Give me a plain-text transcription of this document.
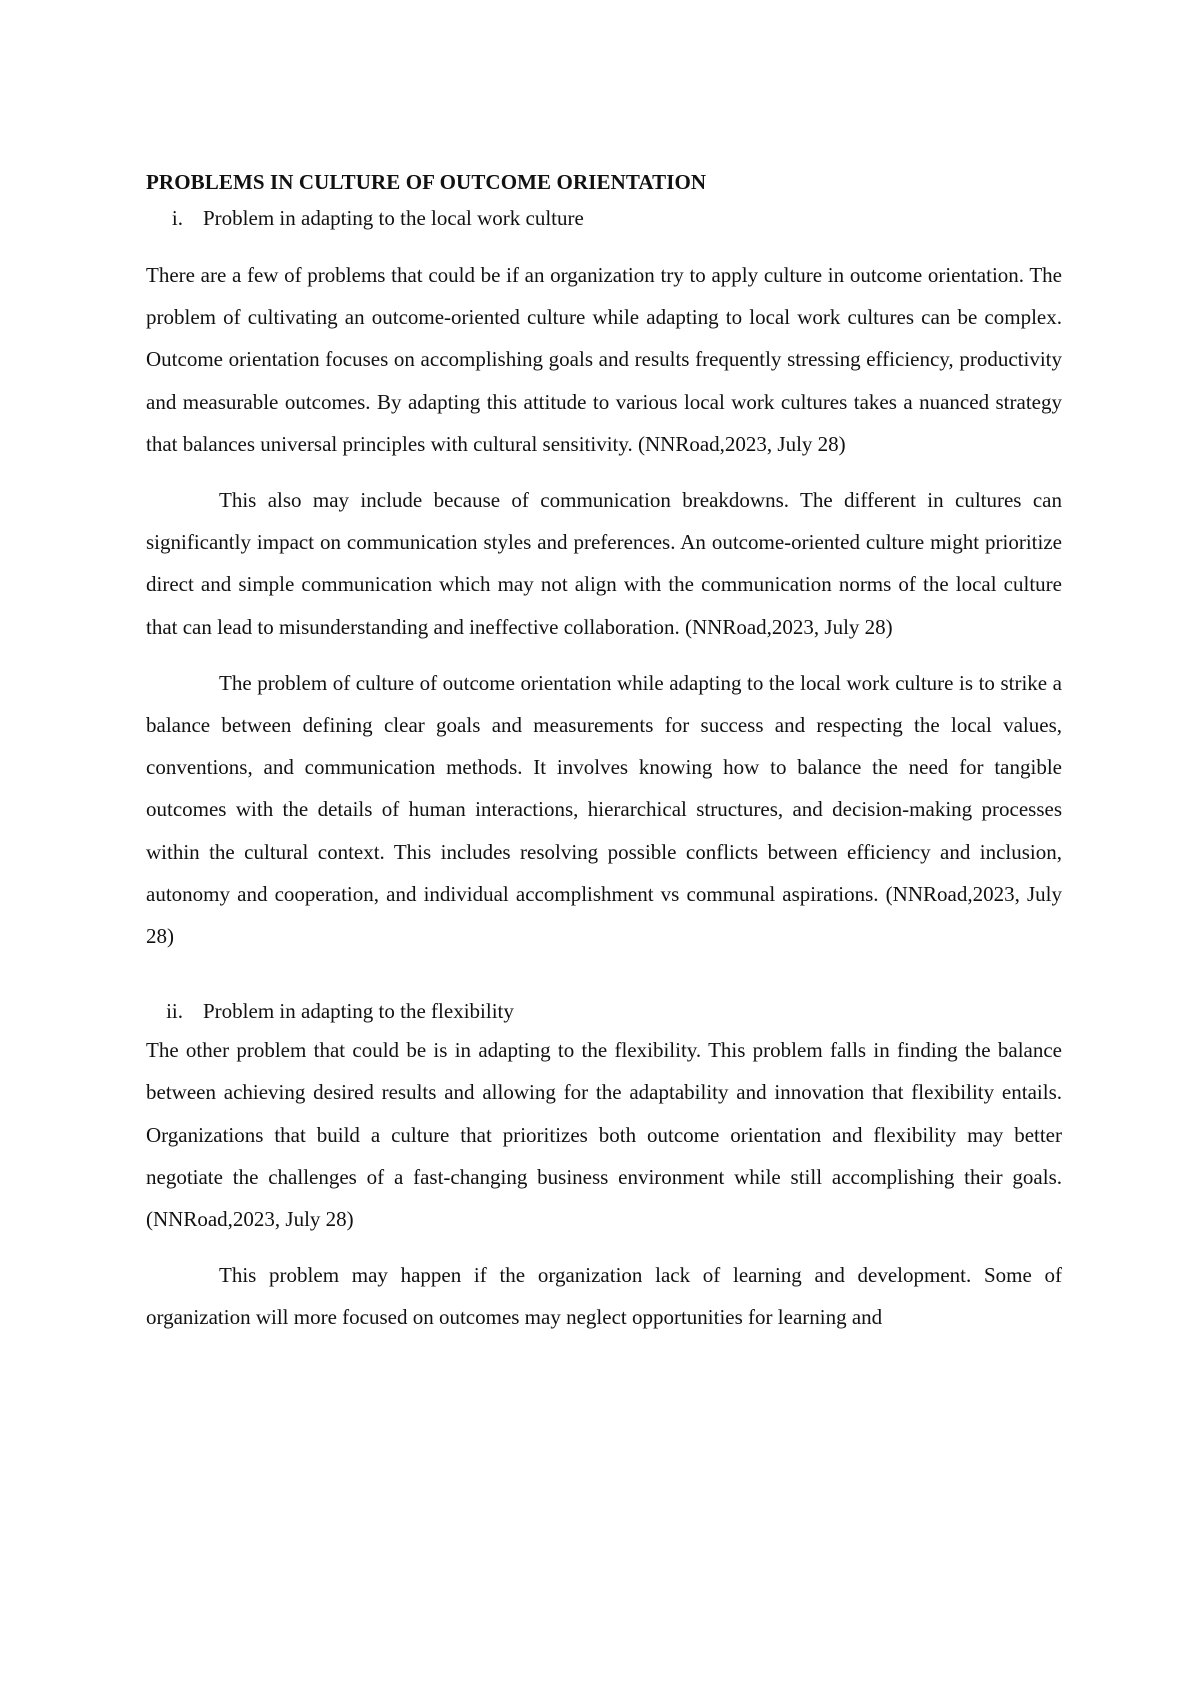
PROBLEMS IN CULTURE OF OUTCOME ORIENTATION
i. Problem in adapting to the local work culture

There are a few of problems that could be if an organization try to apply culture in outcome orientation. The problem of cultivating an outcome-oriented culture while adapting to local work cultures can be complex. Outcome orientation focuses on accomplishing goals and results frequently stressing efficiency, productivity and measurable outcomes. By adapting this attitude to various local work cultures takes a nuanced strategy that balances universal principles with cultural sensitivity. (NNRoad,2023, July 28)

This also may include because of communication breakdowns. The different in cultures can significantly impact on communication styles and preferences. An outcome-oriented culture might prioritize direct and simple communication which may not align with the communication norms of the local culture that can lead to misunderstanding and ineffective collaboration. (NNRoad,2023, July 28)

The problem of culture of outcome orientation while adapting to the local work culture is to strike a balance between defining clear goals and measurements for success and respecting the local values, conventions, and communication methods. It involves knowing how to balance the need for tangible outcomes with the details of human interactions, hierarchical structures, and decision-making processes within the cultural context. This includes resolving possible conflicts between efficiency and inclusion, autonomy and cooperation, and individual accomplishment vs communal aspirations. (NNRoad,2023, July 28)

ii. Problem in adapting to the flexibility

The other problem that could be is in adapting to the flexibility. This problem falls in finding the balance between achieving desired results and allowing for the adaptability and innovation that flexibility entails. Organizations that build a culture that prioritizes both outcome orientation and flexibility may better negotiate the challenges of a fast-changing business environment while still accomplishing their goals. (NNRoad,2023, July 28)

This problem may happen if the organization lack of learning and development. Some of organization will more focused on outcomes may neglect opportunities for learning and
